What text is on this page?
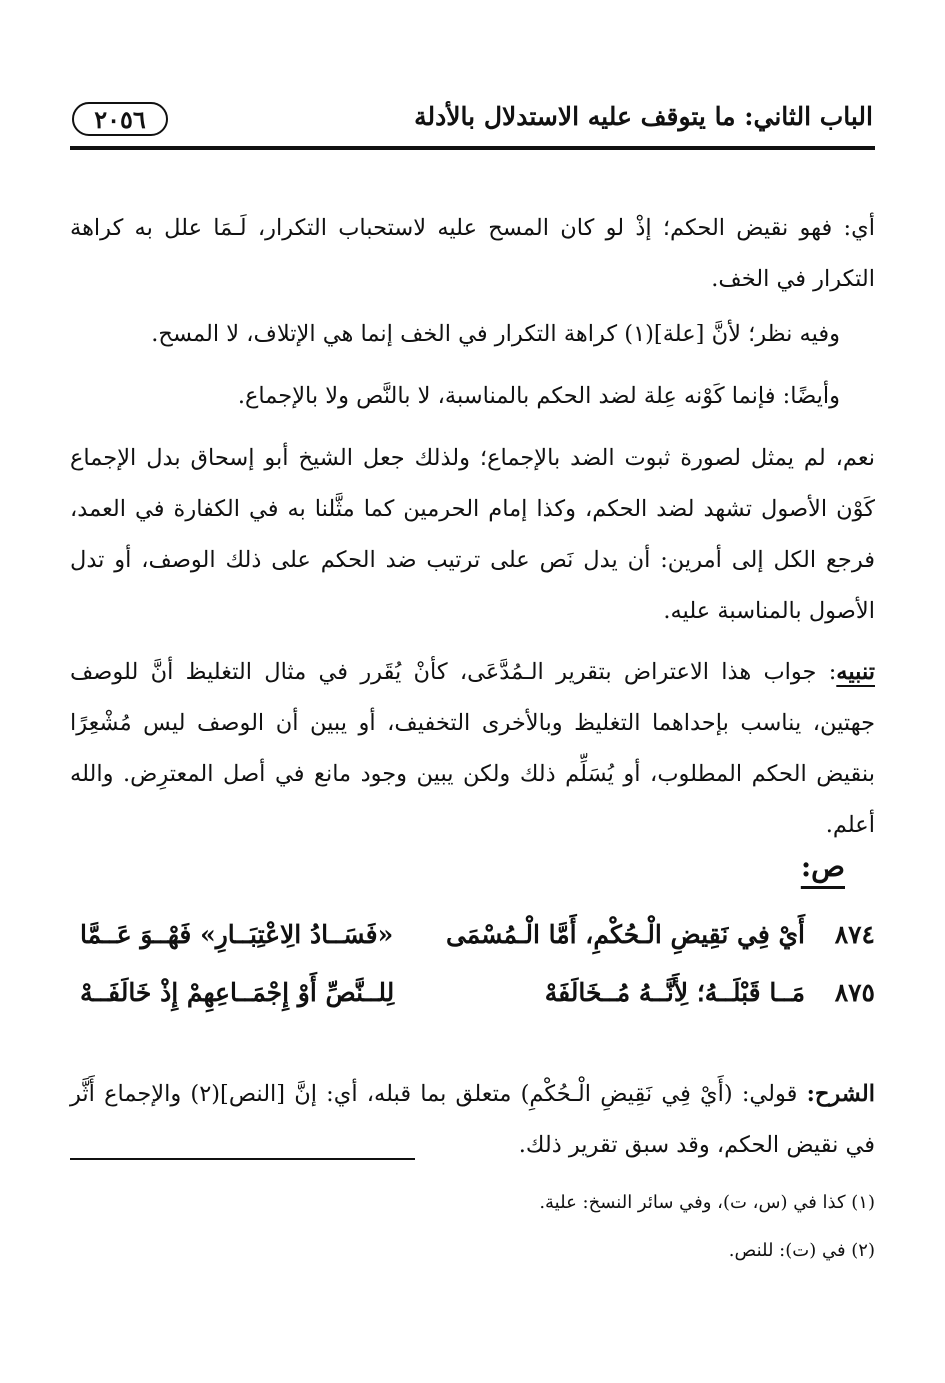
الباب الثاني: ما يتوقف عليه الاستدلال بالأدلة
٢٠٥٦

أي: فهو نقيض الحكم؛ إذْ لو كان المسح عليه لاستحباب التكرار، لَـمَا علل به كراهة التكرار في الخف.

وفيه نظر؛ لأنَّ [علة](١) كراهة التكرار في الخف إنما هي الإتلاف، لا المسح.

وأيضًا: فإنما كَوْنه عِلة لضد الحكم بالمناسبة، لا بالنَّص ولا بالإجماع.

نعم، لم يمثل لصورة ثبوت الضد بالإجماع؛ ولذلك جعل الشيخ أبو إسحاق بدل الإجماع كَوْن الأصول تشهد لضد الحكم، وكذا إمام الحرمين كما مثَّلنا به في الكفارة في العمد، فرجع الكل إلى أمرين: أن يدل نَص على ترتيب ضد الحكم على ذلك الوصف، أو تدل الأصول بالمناسبة عليه.

تنبيه: جواب هذا الاعتراض بتقرير الـمُدَّعَى، كأنْ يُقَرر في مثال التغليظ أنَّ للوصف جهتين، يناسب بإحداهما التغليظ وبالأخرى التخفيف، أو يبين أن الوصف ليس مُشْعِرًا بنقيض الحكم المطلوب، أو يُسَلِّم ذلك ولكن يبين وجود مانع في أصل المعترِض. والله أعلم.

ص:
٨٧٤
أَيْ فِي نَقِيضِ الْـحُكْمِ، أَمَّا الْـمُسْمَى
«فَسَــادُ الِاعْتِبَــارِ» فَهْــوَ عَــمَّا
٨٧٥
مَــا قَبْلَــهُ؛ لِأَنَّــهُ مُــخَالَفَهْ
لِلــنَّصِّ أَوْ إِجْمَــاعِهِمْ إِذْ خَالَفَــهْ

الشرح: قولي: (أَيْ فِي نَقِيضِ الْـحُكْمِ) متعلق بما قبله، أي: إنَّ [النص](٢) والإجماع أَثَّر في نقيض الحكم، وقد سبق تقرير ذلك.

(١) كذا في (س، ت)، وفي سائر النسخ: علية.
(٢) في (ت): للنص.
